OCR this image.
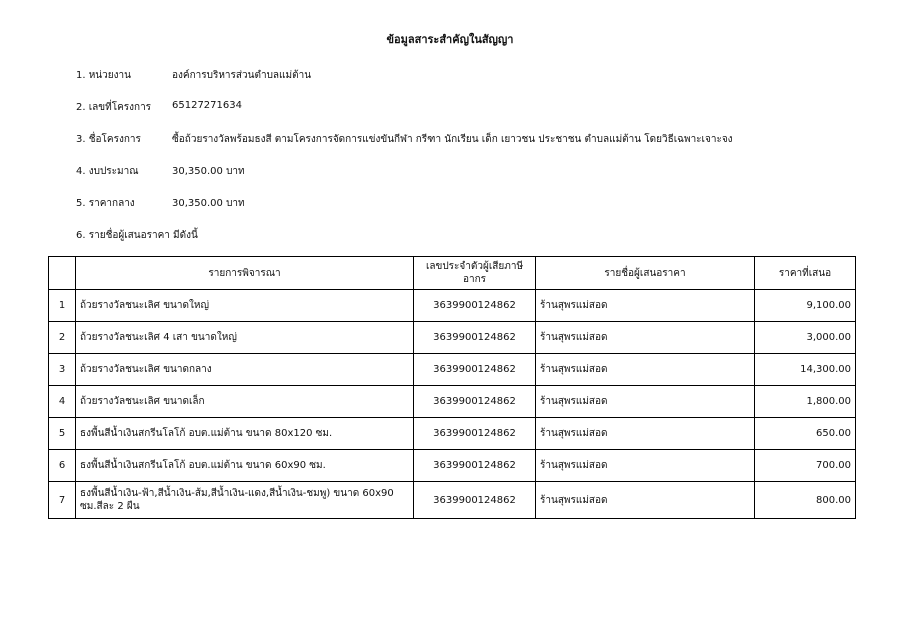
ข้อมูลสาระสำคัญในสัญญา
1. หน่วยงาน	องค์การบริหารส่วนตำบลแม่ต้าน
2. เลขที่โครงการ 65127271634
3. ชื่อโครงการ	ซื้อถ้วยรางวัลพร้อมธงสี ตามโครงการจัดการแข่งขันกีฬา กรีฑา นักเรียน เด็ก เยาวชน ประชาชน ตำบลแม่ต้าน โดยวิธีเฉพาะเจาะจง
4. งบประมาณ	30,350.00 บาท
5. ราคากลาง	30,350.00 บาท
6. รายชื่อผู้เสนอราคา มีดังนี้
	รายการพิจารณา	เลขประจำตัวผู้เสียภาษีอากร	รายชื่อผู้เสนอราคา	ราคาที่เสนอ
1	ถ้วยรางวัลชนะเลิศ ขนาดใหญ่	3639900124862	ร้านสุพรแม่สอด	9,100.00
2	ถ้วยรางวัลชนะเลิศ 4 เสา ขนาดใหญ่	3639900124862	ร้านสุพรแม่สอด	3,000.00
3	ถ้วยรางวัลชนะเลิศ ขนาดกลาง	3639900124862	ร้านสุพรแม่สอด	14,300.00
4	ถ้วยรางวัลชนะเลิศ ขนาดเล็ก	3639900124862	ร้านสุพรแม่สอด	1,800.00
5	ธงพื้นสีน้ำเงินสกรีนโลโก้ อบต.แม่ต้าน ขนาด 80x120 ซม.	3639900124862	ร้านสุพรแม่สอด	650.00
6	ธงพื้นสีน้ำเงินสกรีนโลโก้ อบต.แม่ต้าน ขนาด 60x90 ซม.	3639900124862	ร้านสุพรแม่สอด	700.00
7	ธงพื้นสีน้ำเงิน-ฟ้า,สีน้ำเงิน-ส้ม,สีน้ำเงิน-แดง,สีน้ำเงิน-ชมพู) ขนาด 60x90 ซม.สีละ 2 ผืน	3639900124862	ร้านสุพรแม่สอด	800.00
